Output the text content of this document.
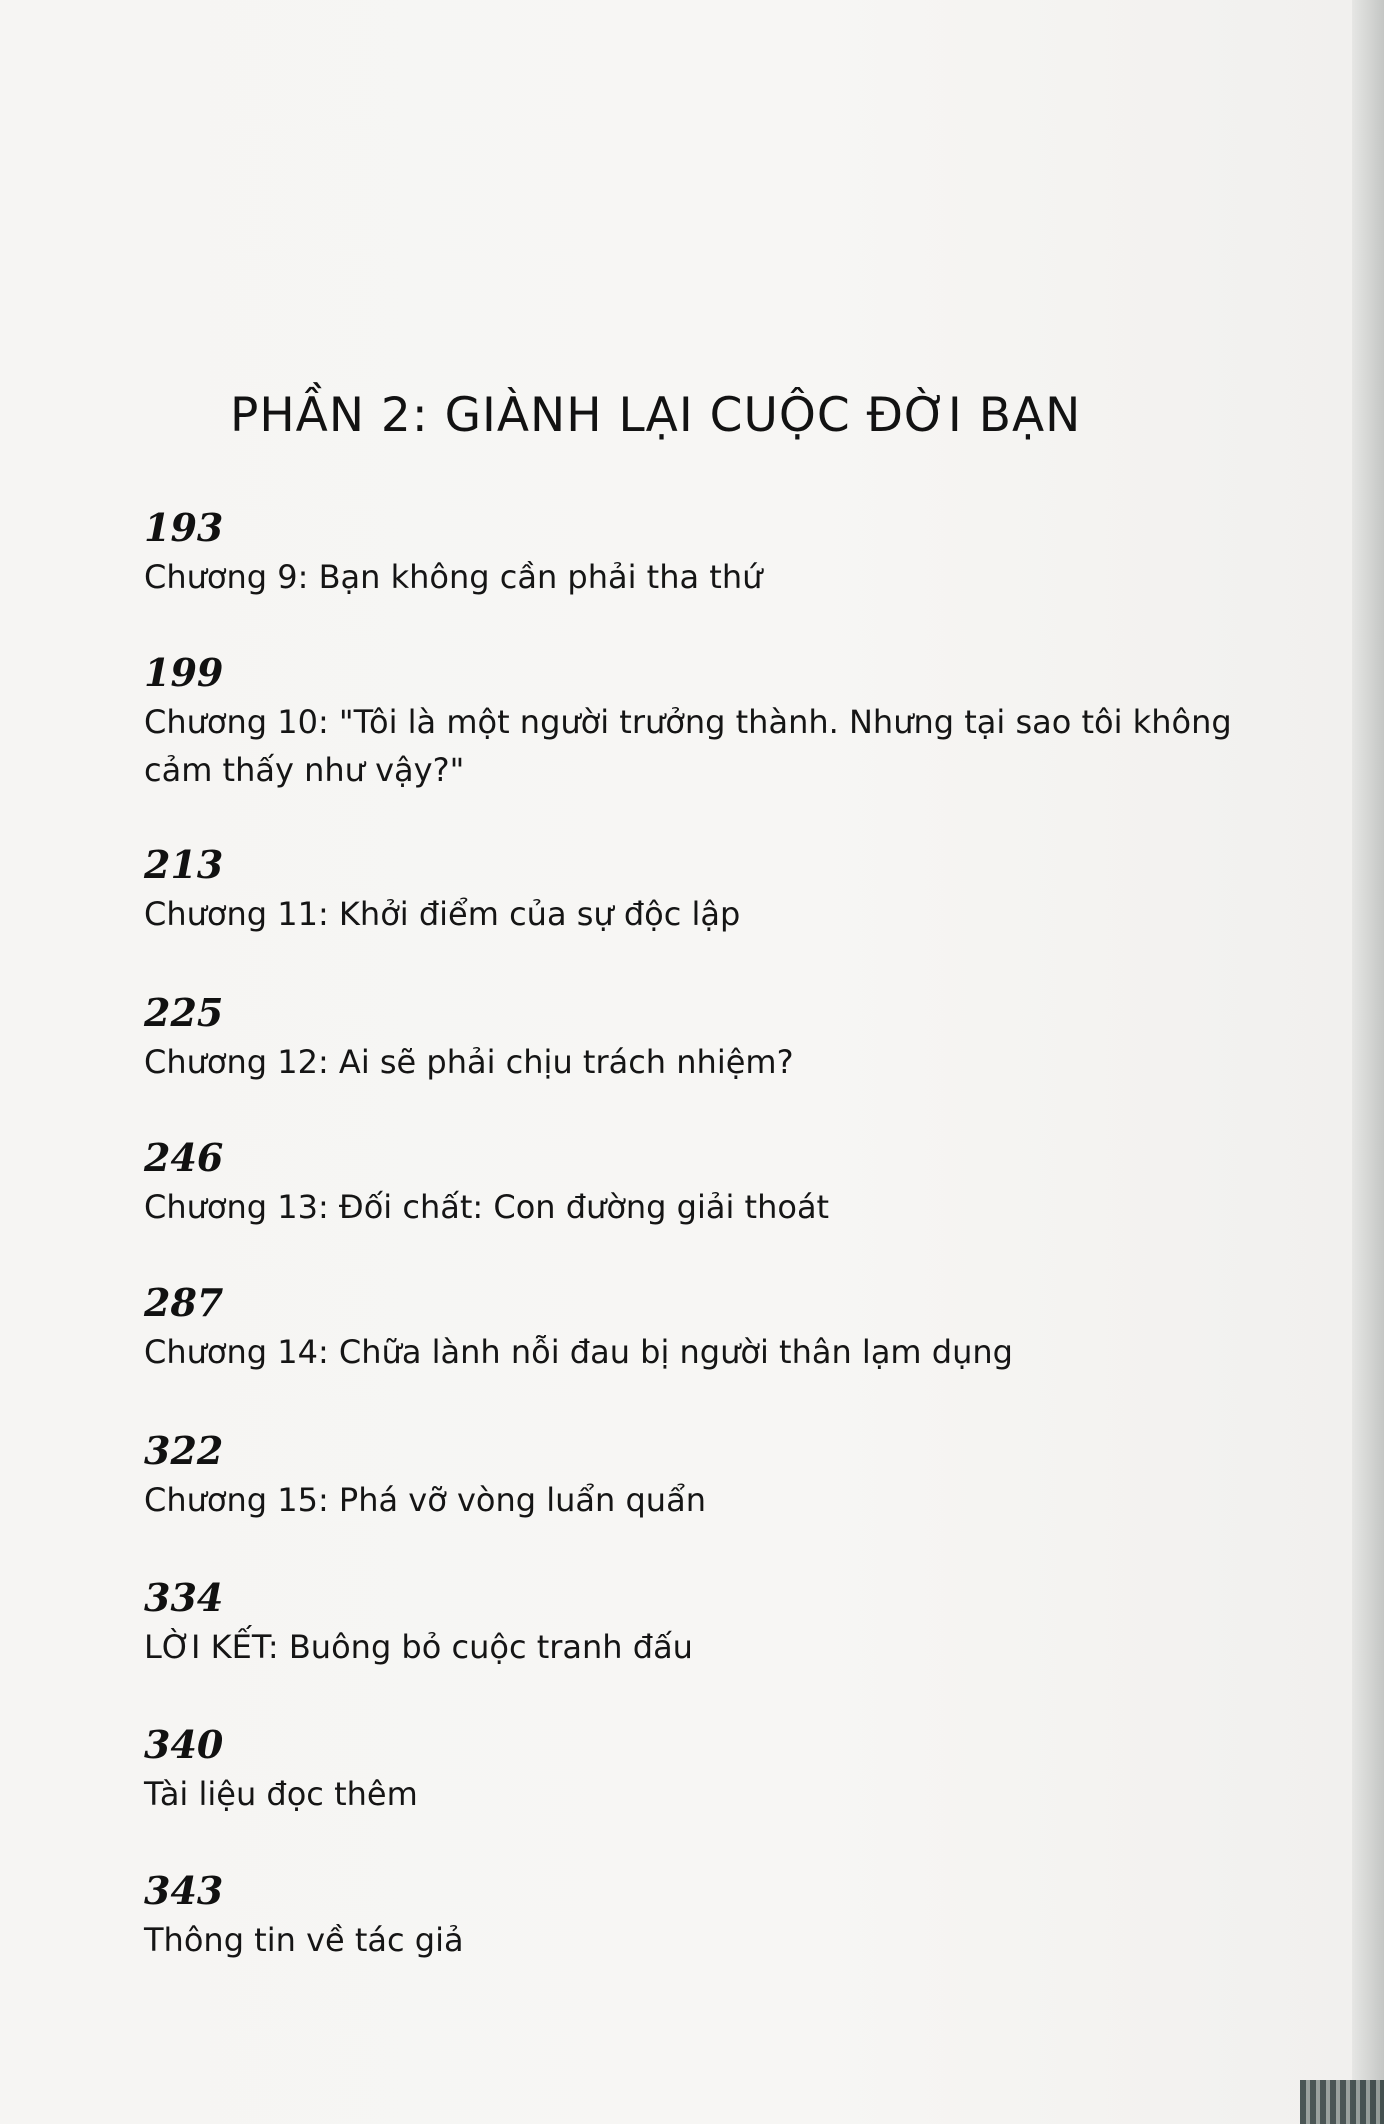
PHẦN 2: GIÀNH LẠI CUỘC ĐỜI BẠN
193
Chương 9: Bạn không cần phải tha thứ
199
Chương 10: "Tôi là một người trưởng thành. Nhưng tại sao tôi không cảm thấy như vậy?"
213
Chương 11: Khởi điểm của sự độc lập
225
Chương 12: Ai sẽ phải chịu trách nhiệm?
246
Chương 13: Đối chất: Con đường giải thoát
287
Chương 14: Chữa lành nỗi đau bị người thân lạm dụng
322
Chương 15: Phá vỡ vòng luẩn quẩn
334
LỜI KẾT: Buông bỏ cuộc tranh đấu
340
Tài liệu đọc thêm
343
Thông tin về tác giả
